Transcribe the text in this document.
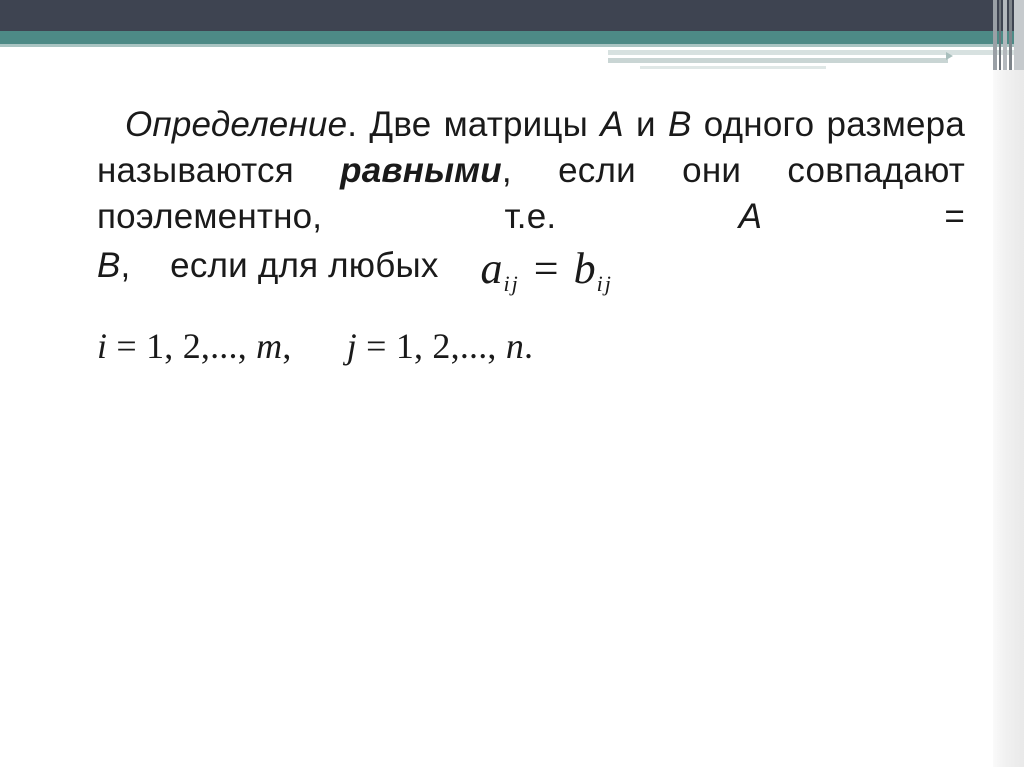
Определение. Две матрицы A и B одного размера называются равными, если они совпадают поэлементно, т.е. A = B,    если для любых $a_{ij} = b_{ij}$
i = 1, 2,..., m,      j = 1, 2,..., n.
